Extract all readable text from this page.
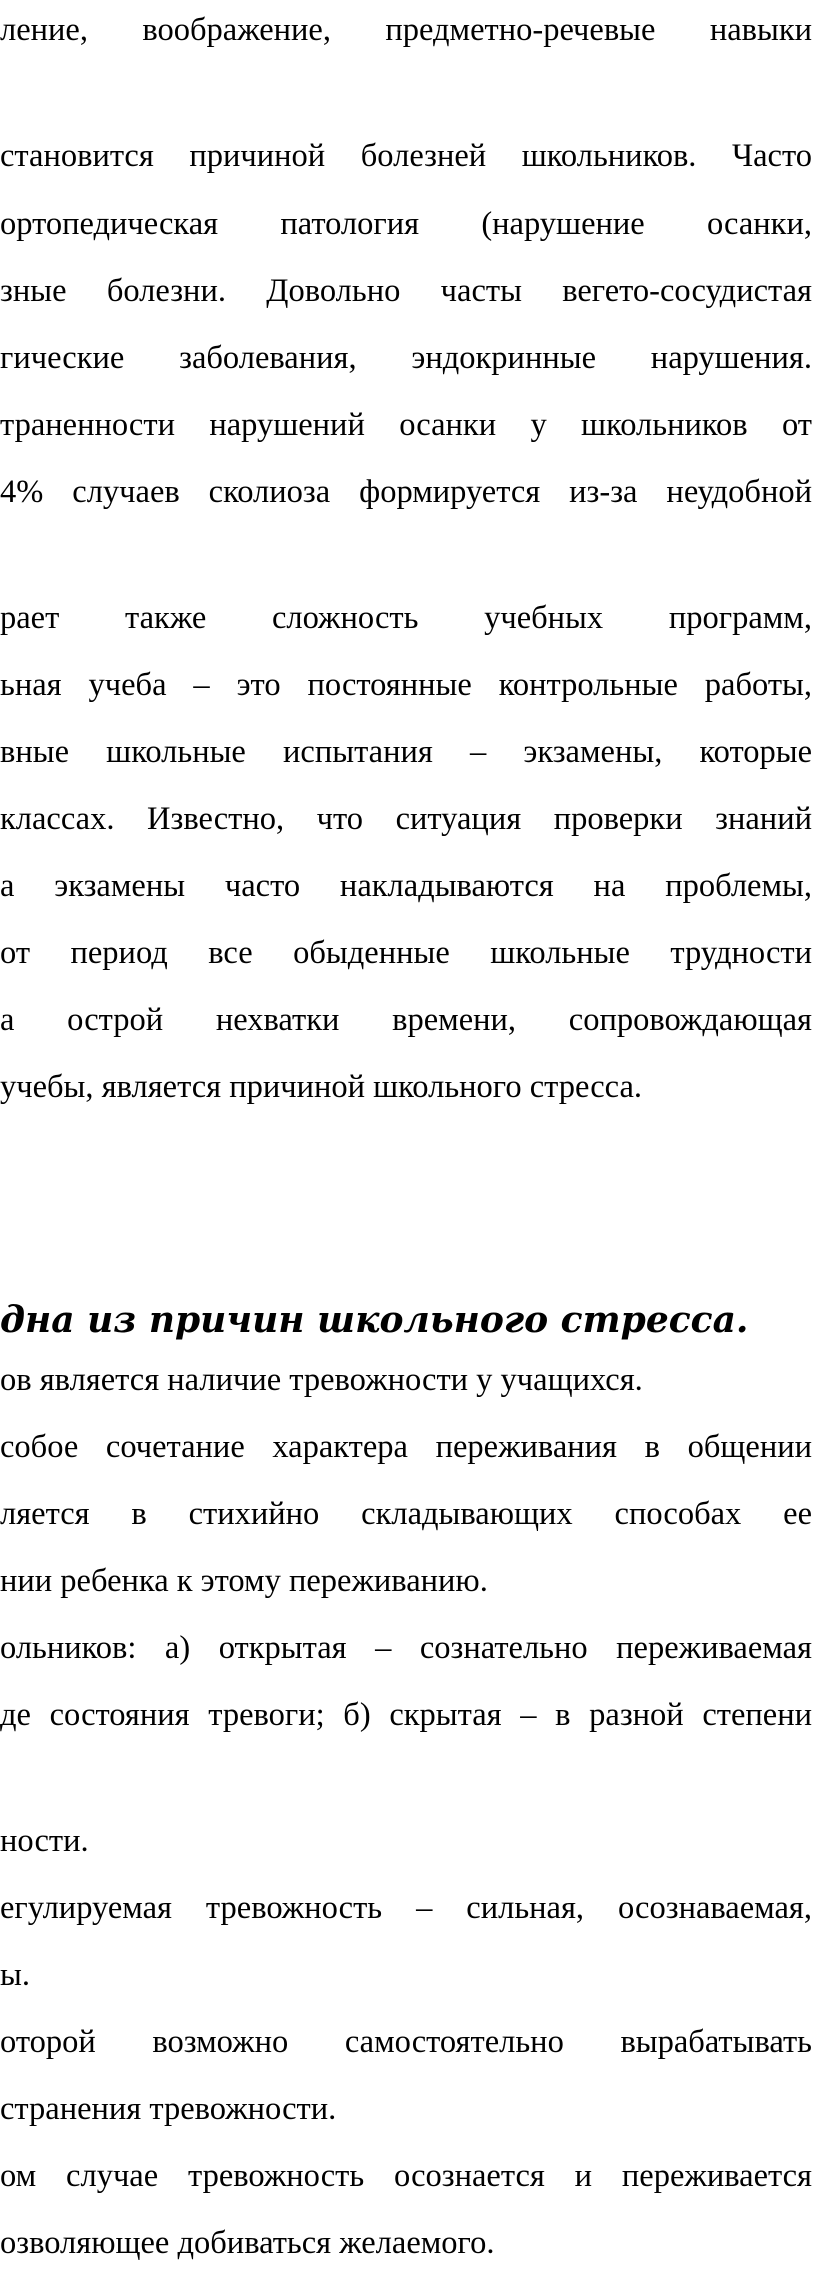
ление, воображение, предметно-речевые навыки

становится причиной болезней школьников. Часто

ортопедическая патология (нарушение осанки,

зные болезни. Довольно часты вегето-сосудистая

гические заболевания, эндокринные нарушения.

траненности нарушений осанки у школьников от

4% случаев сколиоза формируется из-за неудобной

рает также сложность учебных программ,

ьная учеба – это постоянные контрольные работы,

вные школьные испытания – экзамены, которые

классах. Известно, что ситуация проверки знаний

а экзамены часто накладываются на проблемы,

от период все обыденные школьные трудности

а острой нехватки времени, сопровождающая

учебы, является причиной школьного стресса.

дна из причин школьного стресса.

ов является наличие тревожности у учащихся.

собое сочетание характера переживания в общении

ляется в стихийно складывающих способах ее

нии ребенка к этому переживанию.

ольников: а) открытая – сознательно переживаемая

де состояния тревоги; б) скрытая – в разной степени

ности.

егулируемая тревожность – сильная, осознаваемая,

ы.

оторой возможно самостоятельно вырабатывать

странения тревожности.

ом случае тревожность осознается и переживается

озволяющее добиваться желаемого.
